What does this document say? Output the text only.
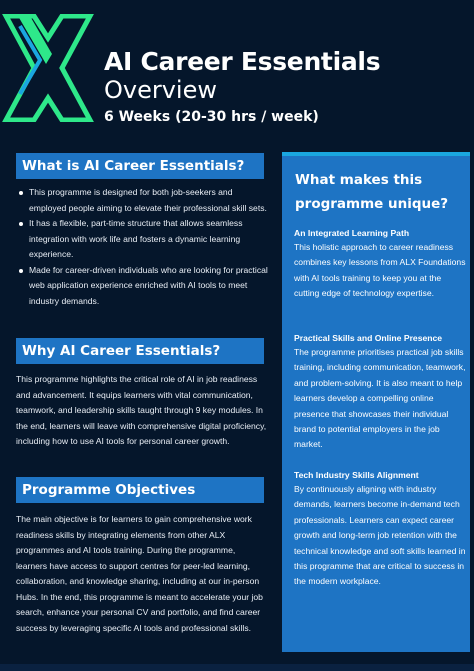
AI Career Essentials
Overview
6 Weeks (20-30 hrs / week)
What is AI Career Essentials?
This programme is designed for both job-seekers and employed people aiming to elevate their professional skill sets.
It has a flexible, part-time structure that allows seamless integration with work life and fosters a dynamic learning experience.
Made for career-driven individuals who are looking for practical web application experience enriched with AI tools to meet industry demands.
Why AI Career Essentials?

This programme highlights the critical role of AI in job readiness and advancement. It equips learners with vital communication, teamwork, and leadership skills taught through 9 key modules. In the end, learners will leave with comprehensive digital proficiency, including how to use AI tools for personal career growth.

Programme Objectives

The main objective is for learners to gain comprehensive work readiness skills by integrating elements from other ALX programmes and AI tools training. During the programme, learners have access to support centres for peer-led learning, collaboration, and knowledge sharing, including at our in-person Hubs. In the end, this programme is meant to accelerate your job search, enhance your personal CV and portfolio, and find career success by leveraging specific AI tools and professional skills.

What makes this programme unique?
An Integrated Learning Path
This holistic approach to career readiness combines key lessons from ALX Foundations with AI tools training to keep you at the cutting edge of technology expertise.
Practical Skills and Online Presence
The programme prioritises practical job skills training, including communication, teamwork, and problem-solving. It is also meant to help learners develop a compelling online presence that showcases their individual brand to potential employers in the job market.
Tech Industry Skills Alignment
By continuously aligning with industry demands, learners become in-demand tech professionals. Learners can expect career growth and long-term job retention with the technical knowledge and soft skills learned in this programme that are critical to success in the modern workplace.
